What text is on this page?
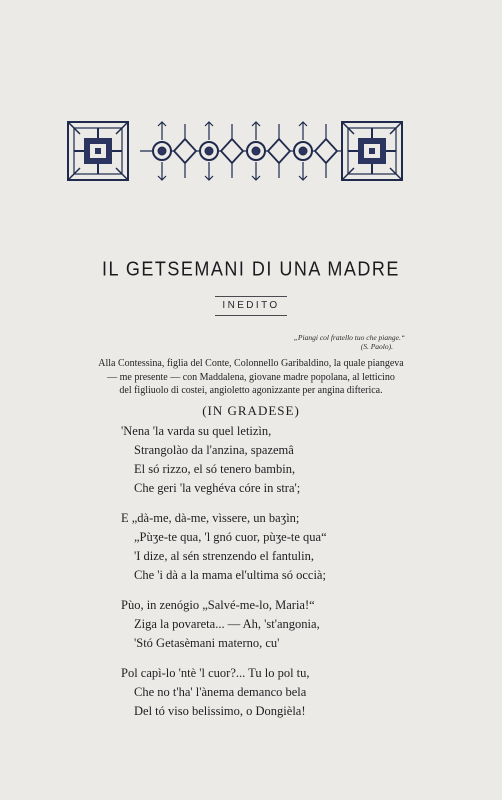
IL GETSEMANI DI UNA MADRE
INEDITO
„Piangi col fratello tuo che piange.“
(S. Paolo).
Alla Contessina, figlia del Conte, Colonnello Garibaldino, la quale piangeva
— me presente — con Maddalena, giovane madre popolana, al letticino
del figliuolo di costei, angioletto agonizzante per angina difterica.
(IN GRADESE)
'Nena 'la varda su quel letizìn,
Strangolào da l'anzina, spazemâ
El só rizzo, el só tenero bambin,
Che geri 'la veghéva córe in stra';
E „dà-me, dà-me, vìssere, un baʒìn;
„Pùʒe-te qua, 'l gnó cuor, pùʒe-te qua“
'I dize, al sén strenzendo el fantulin,
Che 'i dà a la mama el'ultima só occià;
Pùo, in zenógio „Salvé-me-lo, Maria!“
Ziga la povareta... — Ah, 'st'angonia,
'Stó Getasèmani materno, cu'
Pol capì-lo 'ntè 'l cuor?... Tu lo pol tu,
Che no t'ha' l'ànema demanco bela
Del tó viso belissimo, o Dongièla!
